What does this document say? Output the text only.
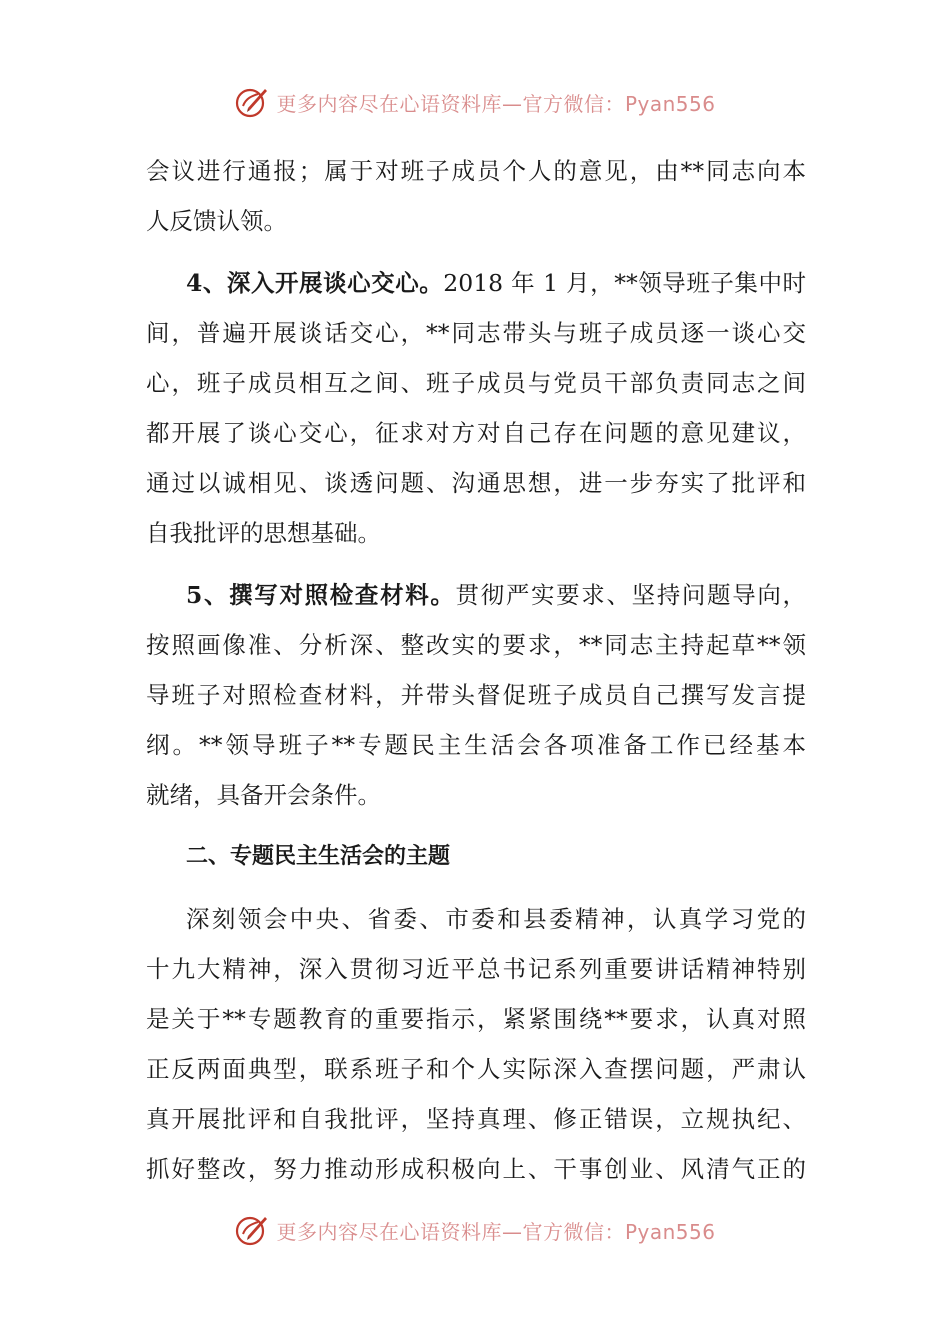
更多内容尽在心语资料库—官方微信：Pyan556
会议进行通报；属于对班子成员个人的意见，由**同志向本
人反馈认领。
4、深入开展谈心交心。2018 年 1 月，**领导班子集中时
间，普遍开展谈话交心，**同志带头与班子成员逐一谈心交
心，班子成员相互之间、班子成员与党员干部负责同志之间
都开展了谈心交心，征求对方对自己存在问题的意见建议，
通过以诚相见、谈透问题、沟通思想，进一步夯实了批评和
自我批评的思想基础。
5、撰写对照检查材料。贯彻严实要求、坚持问题导向，
按照画像准、分析深、整改实的要求，**同志主持起草**领
导班子对照检查材料，并带头督促班子成员自己撰写发言提
纲。**领导班子**专题民主生活会各项准备工作已经基本
就绪，具备开会条件。
二、专题民主生活会的主题
深刻领会中央、省委、市委和县委精神，认真学习党的
十九大精神，深入贯彻习近平总书记系列重要讲话精神特别
是关于**专题教育的重要指示，紧紧围绕**要求，认真对照
正反两面典型，联系班子和个人实际深入查摆问题，严肃认
真开展批评和自我批评，坚持真理、修正错误，立规执纪、
抓好整改，努力推动形成积极向上、干事创业、风清气正的
更多内容尽在心语资料库—官方微信：Pyan556
